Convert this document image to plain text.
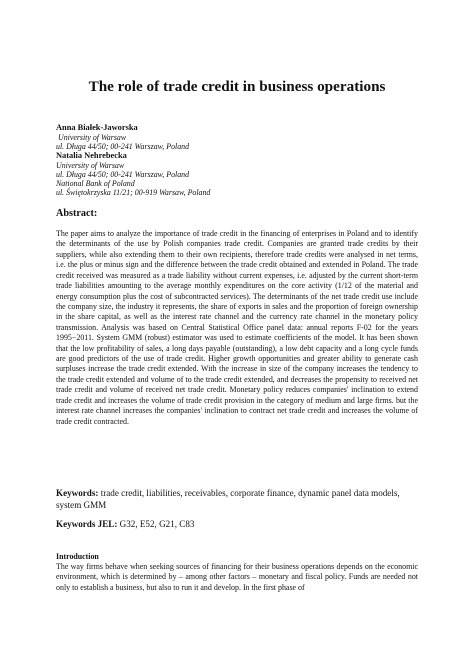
The role of trade credit in business operations
Anna Białek-Jaworska
University of Warsaw
ul. Długa 44/50; 00-241 Warszaw, Poland
Natalia Nehrebecka
University of Warsaw
ul. Długa 44/50; 00-241 Warszaw, Poland
National Bank of Poland
ul. Świętokrzyska 11/21; 00-919 Warsaw, Poland
Abstract:

The paper aims to analyze the importance of trade credit in the financing of enterprises in Poland and to identify the determinants of the use by Polish companies trade credit. Companies are granted trade credits by their suppliers, while also extending them to their own recipients, therefore trade credits were analysed in net terms, i.e. the plus or minus sign and the difference between the trade credit obtained and extended in Poland. The trade credit received was measured as a trade liability without current expenses, i.e. adjusted by the current short-term trade liabilities amounting to the average monthly expenditures on the core activity (1/12 of the material and energy consumption plus the cost of subcontracted services). The determinants of the net trade credit use include the company size, the industry it represents, the share of exports in sales and the proportion of foreign ownership in the share capital, as well as the interest rate channel and the currency rate channel in the monetary policy transmission. Analysis was based on Central Statistical Office panel data: annual reports F-02 for the years 1995−2011. System GMM (robust) estimator was used to estimate coefficients of the model. It has been shown that the low profitability of sales, a long days payable (outstanding), a low debt capacity and a long cycle funds are good predictors of the use of trade credit. Higher growth opportunities and greater ability to generate cash surpluses increase the trade credit extended. With the increase in size of the company increases the tendency to the trade credit extended and volume of to the trade credit extended, and decreases the propensity to received net trade credit and volume of received net trade credit. Monetary policy reduces companies' inclination to extend trade credit and increases the volume of trade credit provision in the category of medium and large firms. but the interest rate channel increases the companies' inclination to contract net trade credit and increases the volume of trade credit contracted.

Keywords: trade credit, liabilities, receivables, corporate finance, dynamic panel data models, system GMM

Keywords JEL: G32, E52, G21, C83

Introduction

The way firms behave when seeking sources of financing for their business operations depends on the economic environment, which is determined by – among other factors – monetary and fiscal policy. Funds are needed not only to establish a business, but also to run it and develop. In the first phase of
